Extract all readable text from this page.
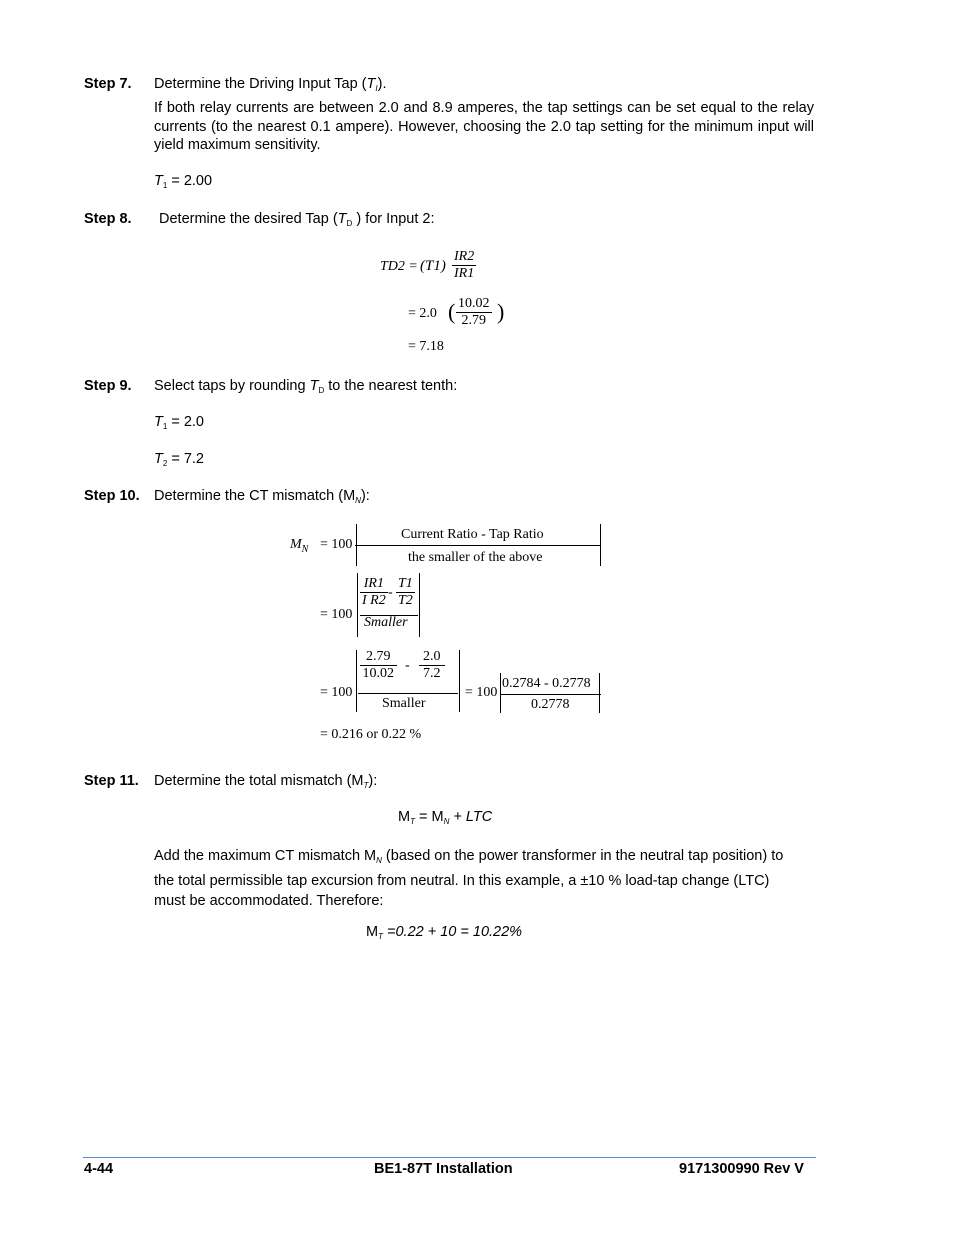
Step 7. Determine the Driving Input Tap $(T_I)$.
If both relay currents are between 2.0 and 8.9 amperes, the tap settings can be set equal to the relay currents (to the nearest 0.1 ampere). However, choosing the 2.0 tap setting for the minimum input will yield maximum sensitivity.
$T_1 = 2.00$
Step 8. Determine the desired Tap ($T_D$ ) for Input 2:
$TD2 = (T1) \frac{IR2}{IR1}$
= 2.0 ( $\frac{10.02}{2.79}$ )
= 7.18
Step 9. Select taps by rounding $T_D$ to the nearest tenth:
$T_1 = 2.0$
$T_2 = 7.2$
Step 10. Determine the CT mismatch $(M_N)$:
$M_N = 100$
Current Ratio - Tap Ratio
the smaller of the above
= 100
$\frac{IR1}{\text{I R2}} - \frac{T1}{T2}$
Smaller
= 100
$\frac{2.79}{10.02} - \frac{2.0}{7.2}$
Smaller
= 100
0.2784 - 0.2778
0.2778
= 0.216 or 0.22 %
Step 11. Determine the total mismatch $(M_T)$:
$M_T = M_N$ + LTC
Add the maximum CT mismatch $M_N$ (based on the power transformer in the neutral tap position) to the total permissible tap excursion from neutral. In this example, a ±10 % load-tap change (LTC) must be accommodated. Therefore:
$M_T =0.22 + 10 = 10.22\%$
4-44	BE1-87T Installation	9171300990 Rev V
